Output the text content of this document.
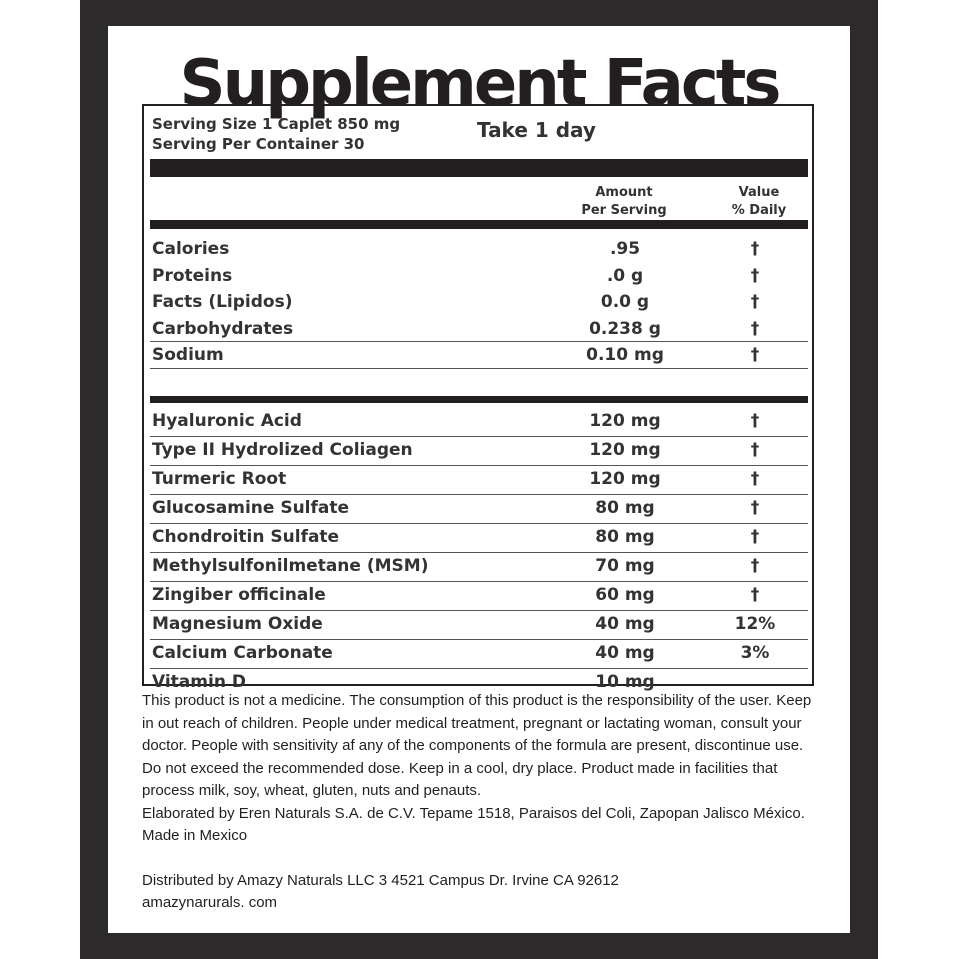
Supplement Facts
Serving Size 1 Caplet 850 mg
Serving Per Container 30
Take 1 day
Amount
Per Serving
Value
% Daily
Calories	.95	†
Proteins	.0 g	†
Facts (Lipidos)	0.0 g	†
Carbohydrates	0.238 g	†
Sodium	0.10 mg	†
Hyaluronic Acid	120 mg	†
Type II Hydrolized Coliagen	120 mg	†
Turmeric Root	120 mg	†
Glucosamine Sulfate	80 mg	†
Chondroitin Sulfate	80 mg	†
Methylsulfonilmetane (MSM)	70 mg	†
Zingiber officinale	60 mg	†
Magnesium Oxide	40 mg	12%
Calcium Carbonate	40 mg	3%
Vitamin D	10 mg

This product is not a medicine. The consumption of this product is the responsibility of the user. Keep in out reach of children. People under medical treatment, pregnant or lactating woman, consult your doctor. People with sensitivity af any of the components of the formula are present, discontinue use. Do not exceed the recommended dose. Keep in a cool, dry place. Product made in facilities that process milk, soy, wheat, gluten, nuts and penauts.

Elaborated by Eren Naturals S.A. de C.V. Tepame 1518, Paraisos del Coli, Zapopan Jalisco México. Made in Mexico

Distributed by Amazy Naturals LLC 3 4521 Campus Dr. Irvine CA 92612

amazynarurals. com
